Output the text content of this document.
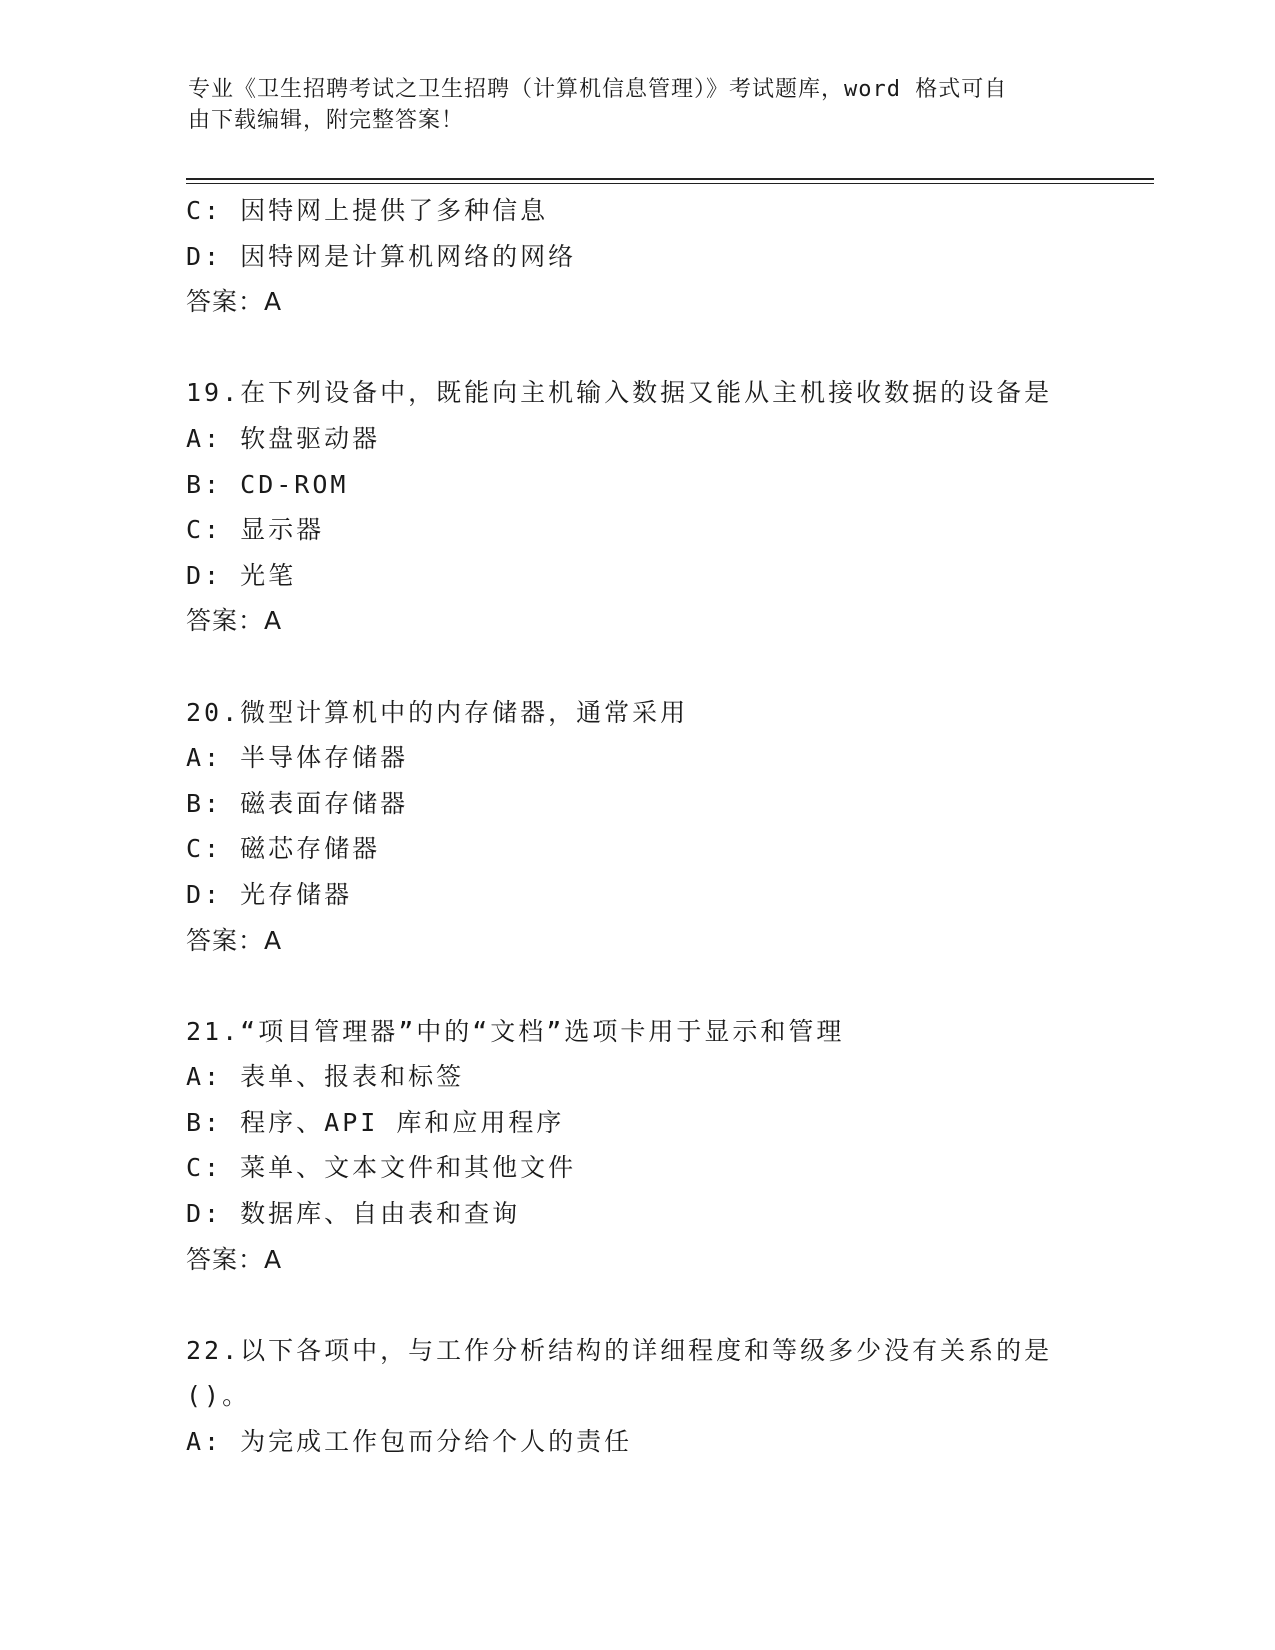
专业《卫生招聘考试之卫生招聘（计算机信息管理）》考试题库，word 格式可自
由下载编辑，附完整答案！
C: 因特网上提供了多种信息
D: 因特网是计算机网络的网络
答案：A
19.在下列设备中，既能向主机输入数据又能从主机接收数据的设备是
A: 软盘驱动器
B: CD-ROM
C: 显示器
D: 光笔
答案：A
20.微型计算机中的内存储器，通常采用
A: 半导体存储器
B: 磁表面存储器
C: 磁芯存储器
D: 光存储器
答案：A
21.“项目管理器”中的“文档”选项卡用于显示和管理
A: 表单、报表和标签
B: 程序、API 库和应用程序
C: 菜单、文本文件和其他文件
D: 数据库、自由表和查询
答案：A
22.以下各项中，与工作分析结构的详细程度和等级多少没有关系的是
()。
A: 为完成工作包而分给个人的责任
